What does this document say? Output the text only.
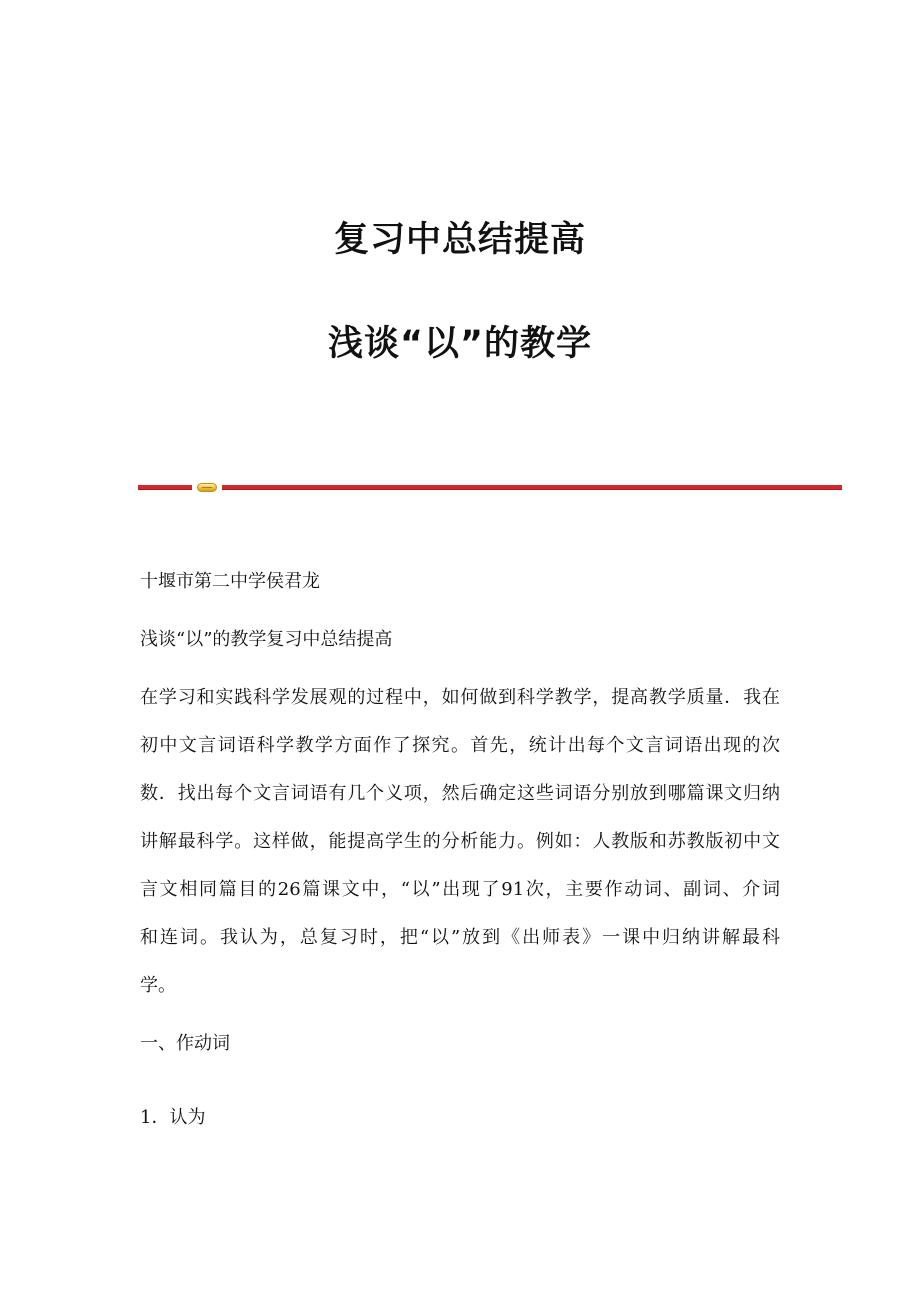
复习中总结提高
浅谈“以”的教学

十堰市第二中学侯君龙

浅谈“以”的教学复习中总结提高

在学习和实践科学发展观的过程中，如何做到科学教学，提高教学质量．我在
初中文言词语科学教学方面作了探究。首先，统计出每个文言词语出现的次
数．找出每个文言词语有几个义项，然后确定这些词语分别放到哪篇课文归纳
讲解最科学。这样做，能提高学生的分析能力。例如：人教版和苏教版初中文
言文相同篇目的26篇课文中，“以”出现了91次，主要作动词、副词、介词
和连词。我认为，总复习时，把“以”放到《出师表》一课中归纳讲解最科
学。

一、作动词

1．认为
